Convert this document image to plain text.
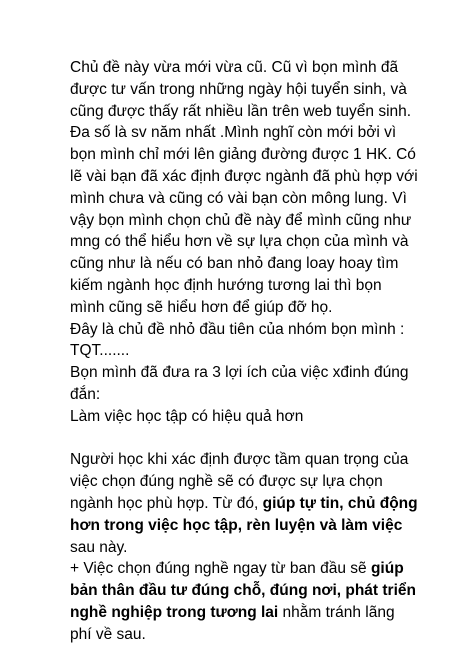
Chủ đề này vừa mới vừa cũ. Cũ vì bọn mình đã được tư vấn trong những ngày hội tuyển sinh, và cũng được thấy rất nhiều lần trên web tuyển sinh. Đa số là sv năm nhất .Mình nghĩ còn mới bởi vì bọn mình chỉ mới lên giảng đường được 1 HK. Có lẽ vài bạn đã xác định được ngành đã phù hợp với mình chưa và cũng có vài bạn còn mông lung. Vì vậy bọn mình chọn chủ đề này để mình cũng như mng có thể hiểu hơn về sự lựa chọn của mình và cũng như là nếu có ban nhỏ đang loay hoay tìm kiếm ngành học định hướng tương lai thì bọn mình cũng sẽ hiểu hơn để giúp đỡ họ.

Đây là chủ đề nhỏ đầu tiên của nhóm bọn mình : TQT.......

Bọn mình đã đưa ra 3 lợi ích của việc xđinh đúng đắn:

Làm việc học tập có hiệu quả hơn

Người học khi xác định được tầm quan trọng của việc chọn đúng nghề sẽ có được sự lựa chọn ngành học phù hợp. Từ đó, giúp tự tin, chủ động hơn trong việc học tập, rèn luyện và làm việc sau này.

+ Việc chọn đúng nghề ngay từ ban đầu sẽ giúp bản thân đầu tư đúng chỗ, đúng nơi, phát triển nghề nghiệp trong tương lai nhằm tránh lãng phí về sau.
